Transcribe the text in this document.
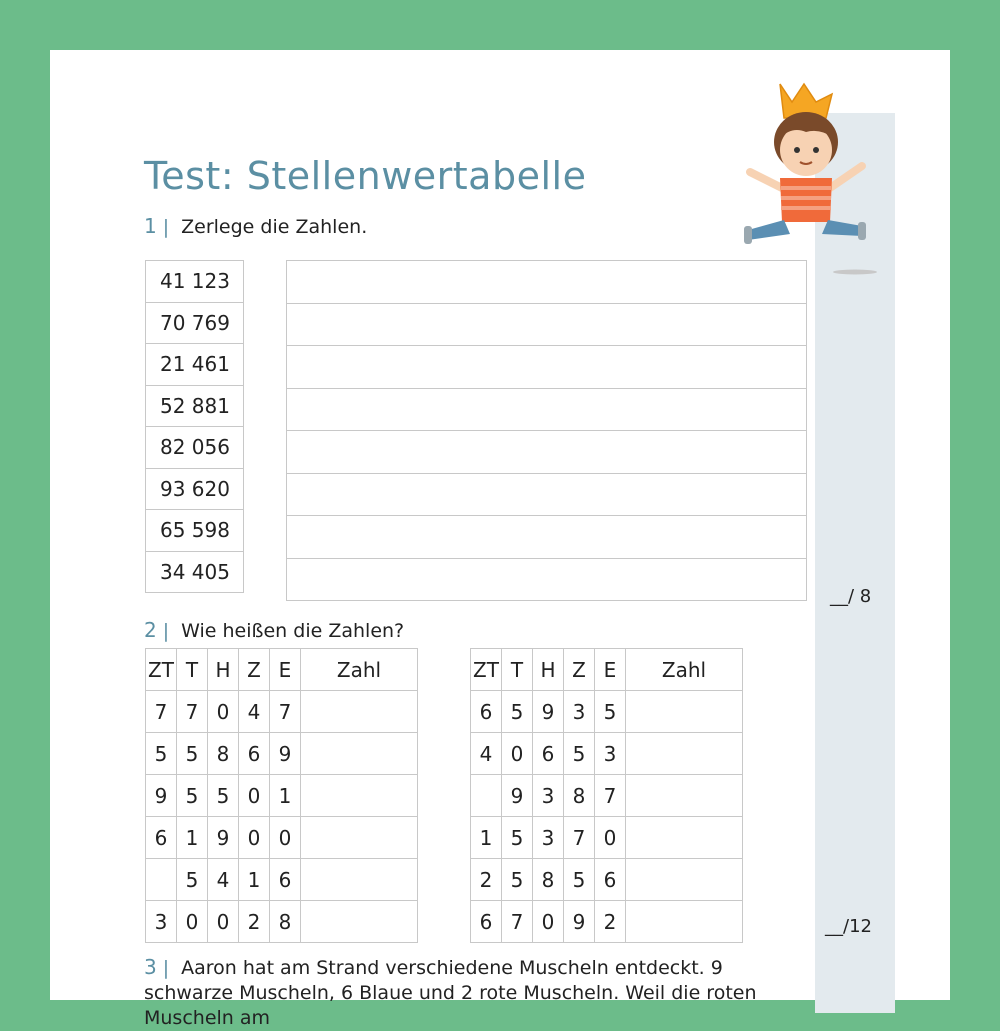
Test: Stellenwertabelle
1 | Zerlege die Zahlen.
41 123
70 769
21 461
52 881
82 056
93 620
65 598
34 405

__/ 8
2 | Wie heißen die Zahlen?
ZT	T	H	Z	E	Zahl
7	7	0	4	7	
5	5	8	6	9	
9	5	5	0	1	
6	1	9	0	0	
	5	4	1	6	
3	0	0	2	8	
ZT	T	H	Z	E	Zahl
6	5	9	3	5	
4	0	6	5	3	
	9	3	8	7	
1	5	3	7	0	
2	5	8	5	6	
6	7	0	9	2		__/12
3 | Aaron hat am Strand verschiedene Muscheln entdeckt. 9 schwarze Muscheln, 6 Blaue und 2 rote Muscheln. Weil die roten Muscheln am
